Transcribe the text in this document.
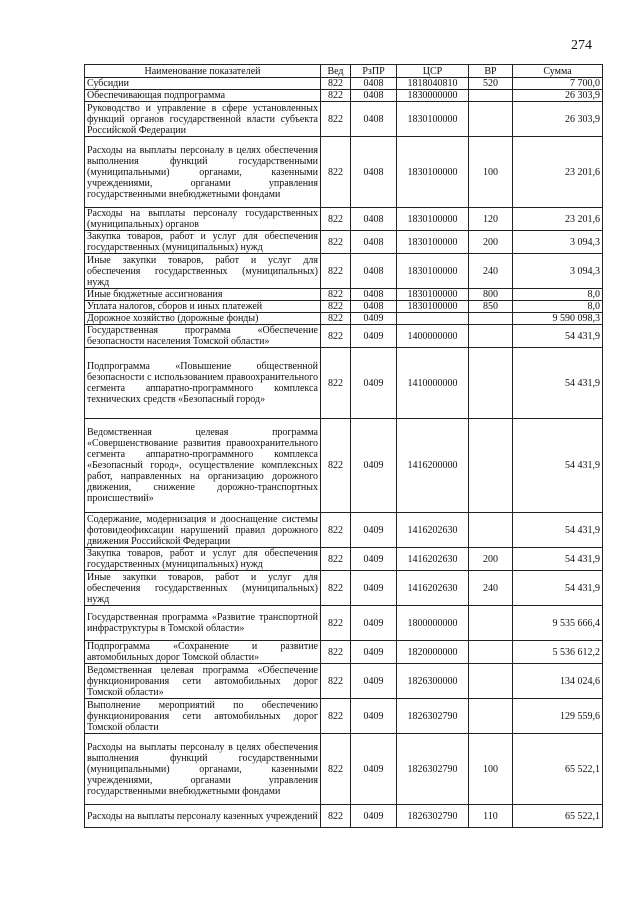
274
Наименование показателей	Вед	РзПР	ЦСР	ВР	Сумма
Субсидии	822	0408	1818040810	520	7 700,0
Обеспечивающая подпрограмма	822	0408	1830000000		26 303,9
Руководство и управление в сфере установленных функций органов государственной власти субъекта Российской Федерации	822	0408	1830100000		26 303,9
Расходы на выплаты персоналу в целях обеспечения выполнения функций государственными (муниципальными) органами, казенными учреждениями, органами управления государственными внебюджетными фондами	822	0408	1830100000	100	23 201,6
Расходы на выплаты персоналу государственных (муниципальных) органов	822	0408	1830100000	120	23 201,6
Закупка товаров, работ и услуг для обеспечения государственных (муниципальных) нужд	822	0408	1830100000	200	3 094,3
Иные закупки товаров, работ и услуг для обеспечения государственных (муниципальных) нужд	822	0408	1830100000	240	3 094,3
Иные бюджетные ассигнования	822	0408	1830100000	800	8,0
Уплата налогов, сборов и иных платежей	822	0408	1830100000	850	8,0
Дорожное хозяйство (дорожные фонды)	822	0409			9 590 098,3
Государственная программа «Обеспечение безопасности населения Томской области»	822	0409	1400000000		54 431,9
Подпрограмма «Повышение общественной безопасности с использованием правоохранительного сегмента аппаратно-программного комплекса технических средств «Безопасный город»	822	0409	1410000000		54 431,9
Ведомственная целевая программа «Совершенствование развития правоохранительного сегмента аппаратно-программного комплекса «Безопасный город», осуществление комплексных работ, направленных на организацию дорожного движения, снижение дорожно-транспортных происшествий»	822	0409	1416200000		54 431,9
Содержание, модернизация и дооснащение системы фотовидеофиксации нарушений правил дорожного движения Российской Федерации	822	0409	1416202630		54 431,9
Закупка товаров, работ и услуг для обеспечения государственных (муниципальных) нужд	822	0409	1416202630	200	54 431,9
Иные закупки товаров, работ и услуг для обеспечения государственных (муниципальных) нужд	822	0409	1416202630	240	54 431,9
Государственная программа «Развитие транспортной инфраструктуры в Томской области»	822	0409	1800000000		9 535 666,4
Подпрограмма «Сохранение и развитие автомобильных дорог Томской области»	822	0409	1820000000		5 536 612,2
Ведомственная целевая программа «Обеспечение функционирования сети автомобильных дорог Томской области»	822	0409	1826300000		134 024,6
Выполнение мероприятий по обеспечению функционирования сети автомобильных дорог Томской области	822	0409	1826302790		129 559,6
Расходы на выплаты персоналу в целях обеспечения выполнения функций государственными (муниципальными) органами, казенными учреждениями, органами управления государственными внебюджетными фондами	822	0409	1826302790	100	65 522,1
Расходы на выплаты персоналу казенных учреждений	822	0409	1826302790	110	65 522,1
